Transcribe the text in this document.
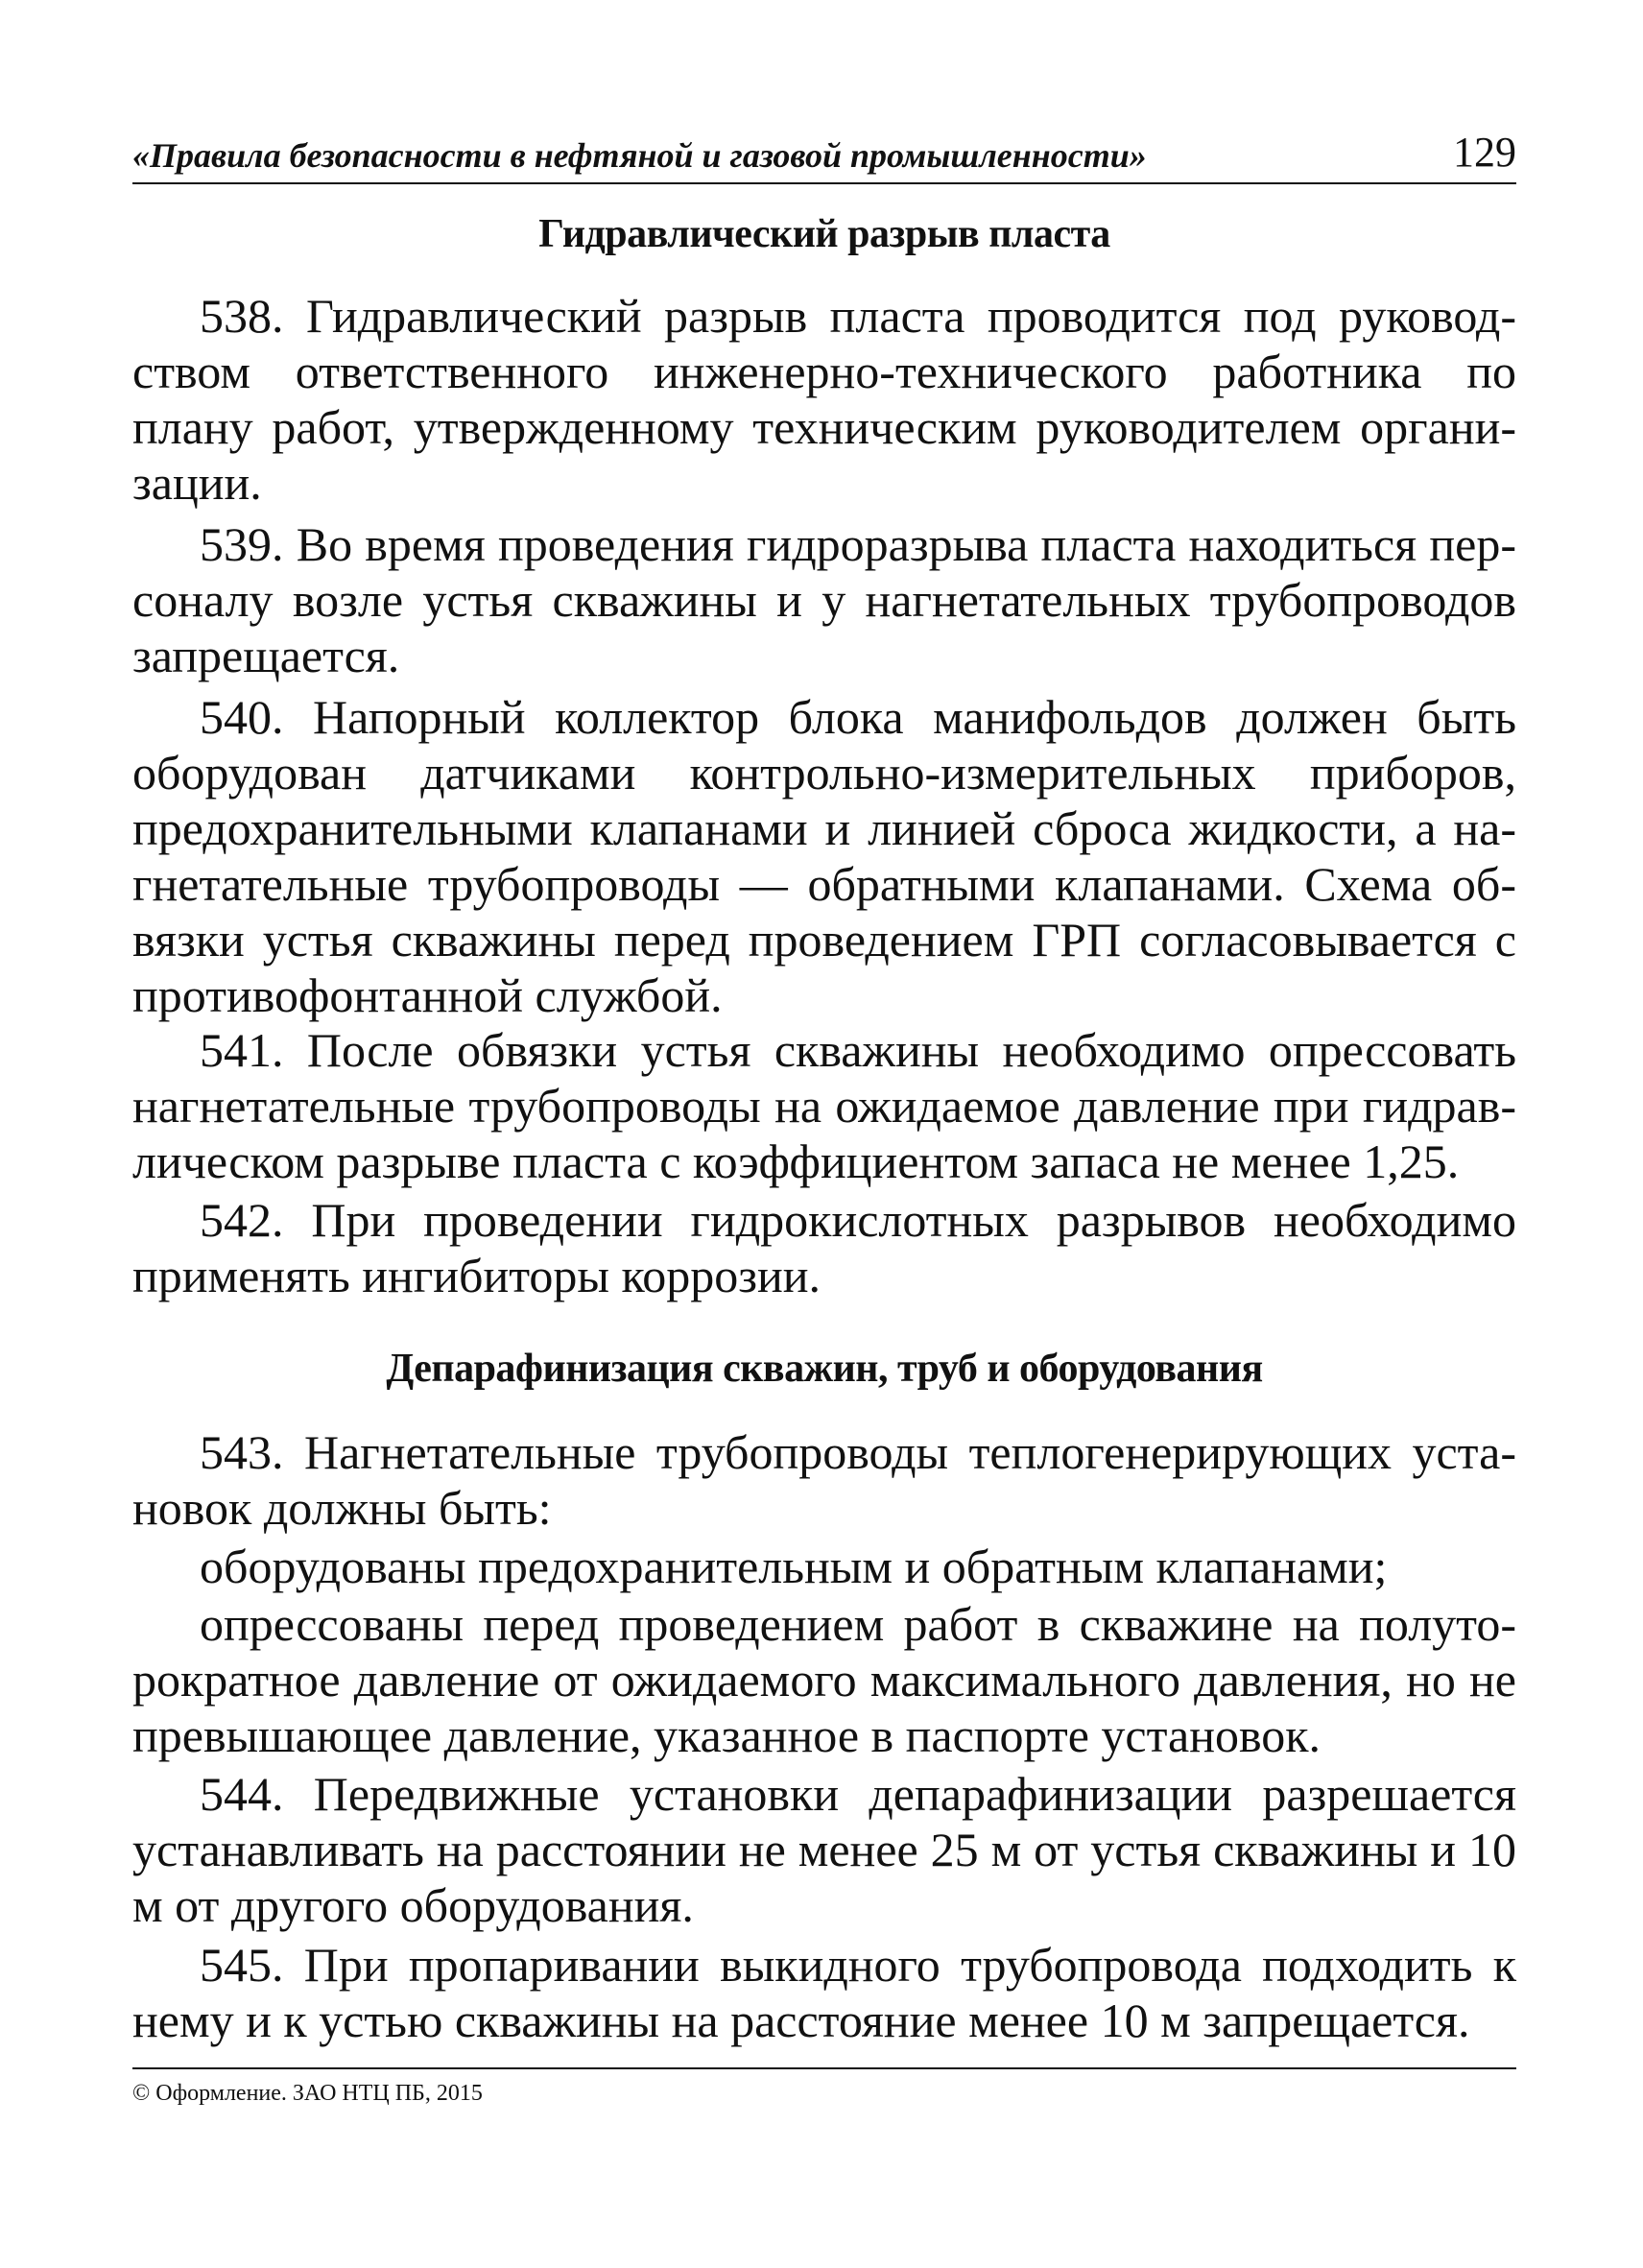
«Правила безопасности в нефтяной и газовой промышленности»	129
Гидравлический разрыв пласта

538. Гидравлический разрыв пласта проводится под руководством ответственного инженерно-технического работника по плану работ, утвержденному техническим руководителем организации.

539. Во время проведения гидроразрыва пласта находиться персоналу возле устья скважины и у нагнетательных трубопроводов запрещается.

540. Напорный коллектор блока манифольдов должен быть оборудован датчиками контрольно-измерительных приборов, предохранительными клапанами и линией сброса жидкости, а нагнетательные трубопроводы — обратными клапанами. Схема обвязки устья скважины перед проведением ГРП согласовывается с противофонтанной службой.

541. После обвязки устья скважины необходимо опрессовать нагнетательные трубопроводы на ожидаемое давление при гидравлическом разрыве пласта с коэффициентом запаса не менее 1,25.

542. При проведении гидрокислотных разрывов необходимо применять ингибиторы коррозии.

Депарафинизация скважин, труб и оборудования

543. Нагнетательные трубопроводы теплогенерирующих установок должны быть:

оборудованы предохранительным и обратным клапанами;

опрессованы перед проведением работ в скважине на полуторократное давление от ожидаемого максимального давления, но не превышающее давление, указанное в паспорте установок.

544. Передвижные установки депарафинизации разрешается устанавливать на расстоянии не менее 25 м от устья скважины и 10 м от другого оборудования.

545. При пропаривании выкидного трубопровода подходить к нему и к устью скважины на расстояние менее 10 м запрещается.

© Оформление. ЗАО НТЦ ПБ, 2015
